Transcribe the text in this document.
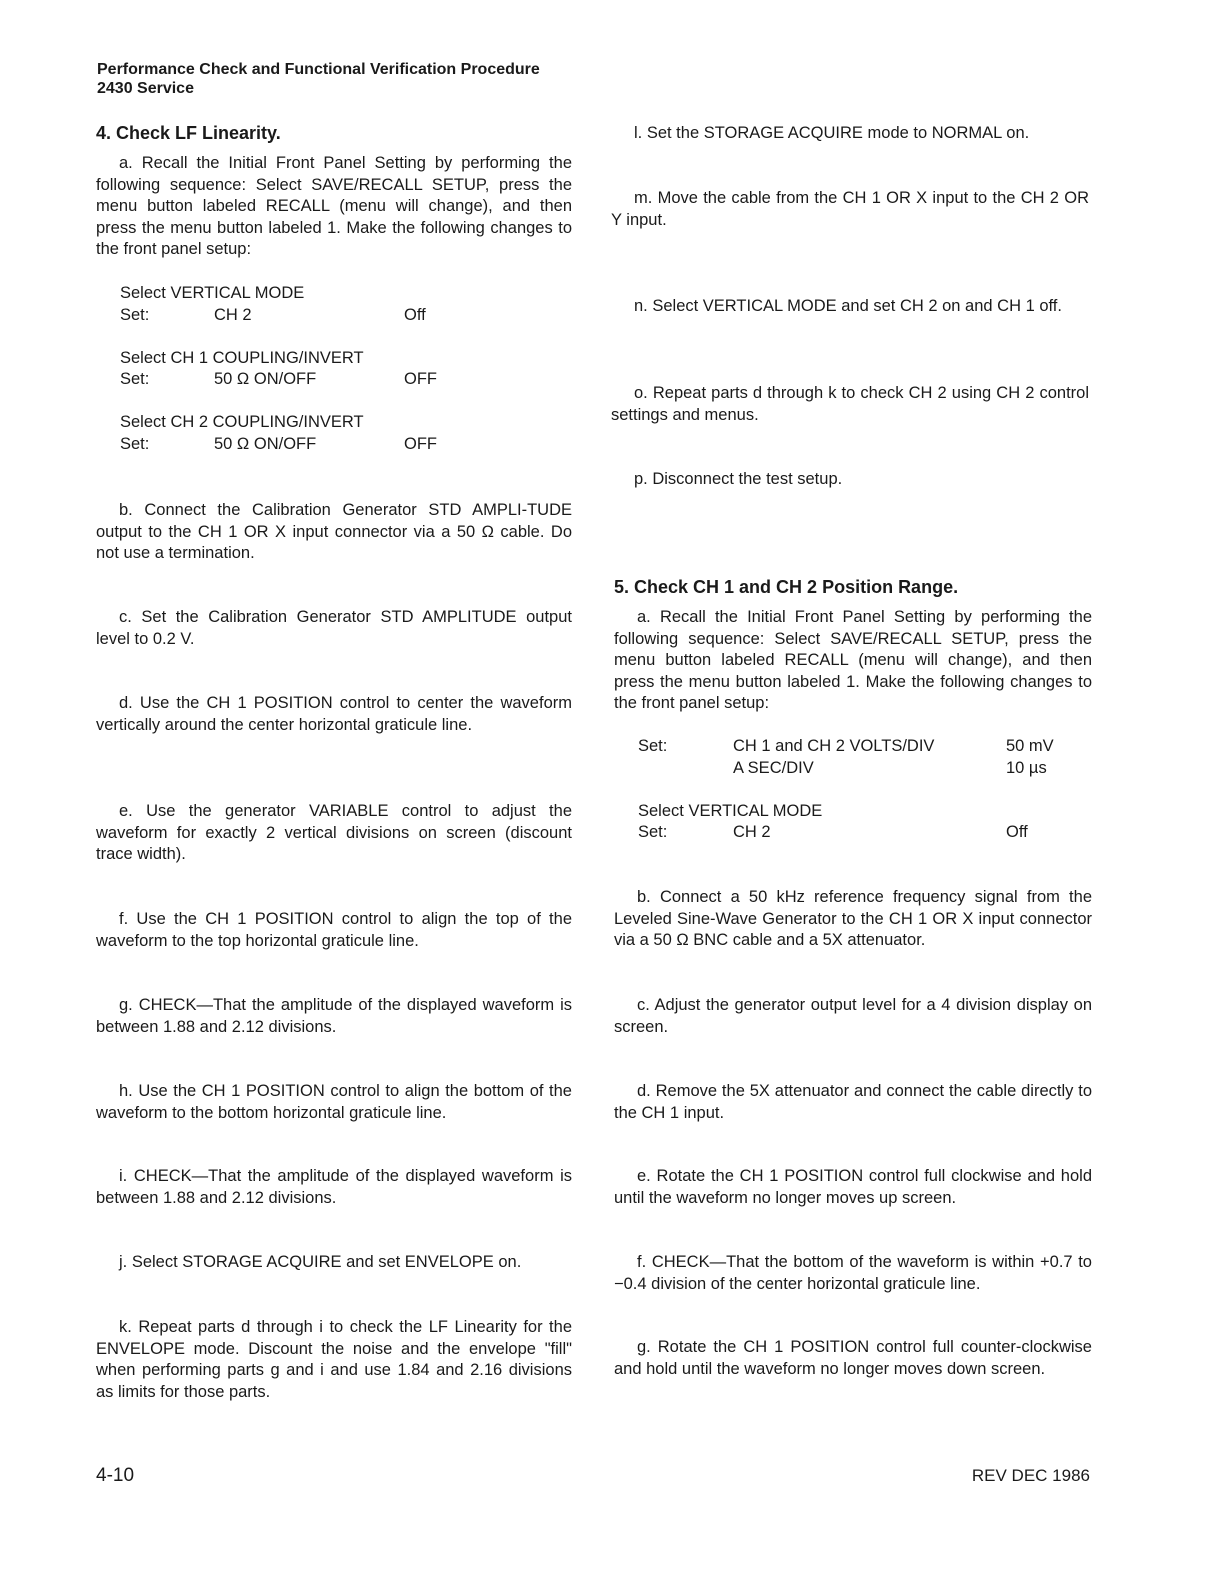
Performance Check and Functional Verification Procedure
2430 Service
4. Check LF Linearity.

a. Recall the Initial Front Panel Setting by performing the following sequence: Select SAVE/RECALL SETUP, press the menu button labeled RECALL (menu will change), and then press the menu button labeled 1. Make the following changes to the front panel setup:

Select VERTICAL MODE
Set:	CH 2	Off
Select CH 1 COUPLING/INVERT
Set:	50 Ω ON/OFF	OFF
Select CH 2 COUPLING/INVERT
Set:	50 Ω ON/OFF	OFF

b. Connect the Calibration Generator STD AMPLI-TUDE output to the CH 1 OR X input connector via a 50 Ω cable. Do not use a termination.

c. Set the Calibration Generator STD AMPLITUDE output level to 0.2 V.

d. Use the CH 1 POSITION control to center the waveform vertically around the center horizontal graticule line.

e. Use the generator VARIABLE control to adjust the waveform for exactly 2 vertical divisions on screen (discount trace width).

f. Use the CH 1 POSITION control to align the top of the waveform to the top horizontal graticule line.

g. CHECK—That the amplitude of the displayed waveform is between 1.88 and 2.12 divisions.

h. Use the CH 1 POSITION control to align the bottom of the waveform to the bottom horizontal graticule line.

i. CHECK—That the amplitude of the displayed waveform is between 1.88 and 2.12 divisions.

j. Select STORAGE ACQUIRE and set ENVELOPE on.

k. Repeat parts d through i to check the LF Linearity for the ENVELOPE mode. Discount the noise and the envelope "fill" when performing parts g and i and use 1.84 and 2.16 divisions as limits for those parts.

l. Set the STORAGE ACQUIRE mode to NORMAL on.

m. Move the cable from the CH 1 OR X input to the CH 2 OR Y input.

n. Select VERTICAL MODE and set CH 2 on and CH 1 off.

o. Repeat parts d through k to check CH 2 using CH 2 control settings and menus.

p. Disconnect the test setup.

5. Check CH 1 and CH 2 Position Range.

a. Recall the Initial Front Panel Setting by performing the following sequence: Select SAVE/RECALL SETUP, press the menu button labeled RECALL (menu will change), and then press the menu button labeled 1. Make the following changes to the front panel setup:

Set:	CH 1 and CH 2 VOLTS/DIV	50 mV
A SEC/DIV	10 µs
Select VERTICAL MODE
Set:	CH 2	Off

b. Connect a 50 kHz reference frequency signal from the Leveled Sine-Wave Generator to the CH 1 OR X input connector via a 50 Ω BNC cable and a 5X attenuator.

c. Adjust the generator output level for a 4 division display on screen.

d. Remove the 5X attenuator and connect the cable directly to the CH 1 input.

e. Rotate the CH 1 POSITION control full clockwise and hold until the waveform no longer moves up screen.

f. CHECK—That the bottom of the waveform is within +0.7 to −0.4 division of the center horizontal graticule line.

g. Rotate the CH 1 POSITION control full counter-clockwise and hold until the waveform no longer moves down screen.

4-10	REV DEC 1986
